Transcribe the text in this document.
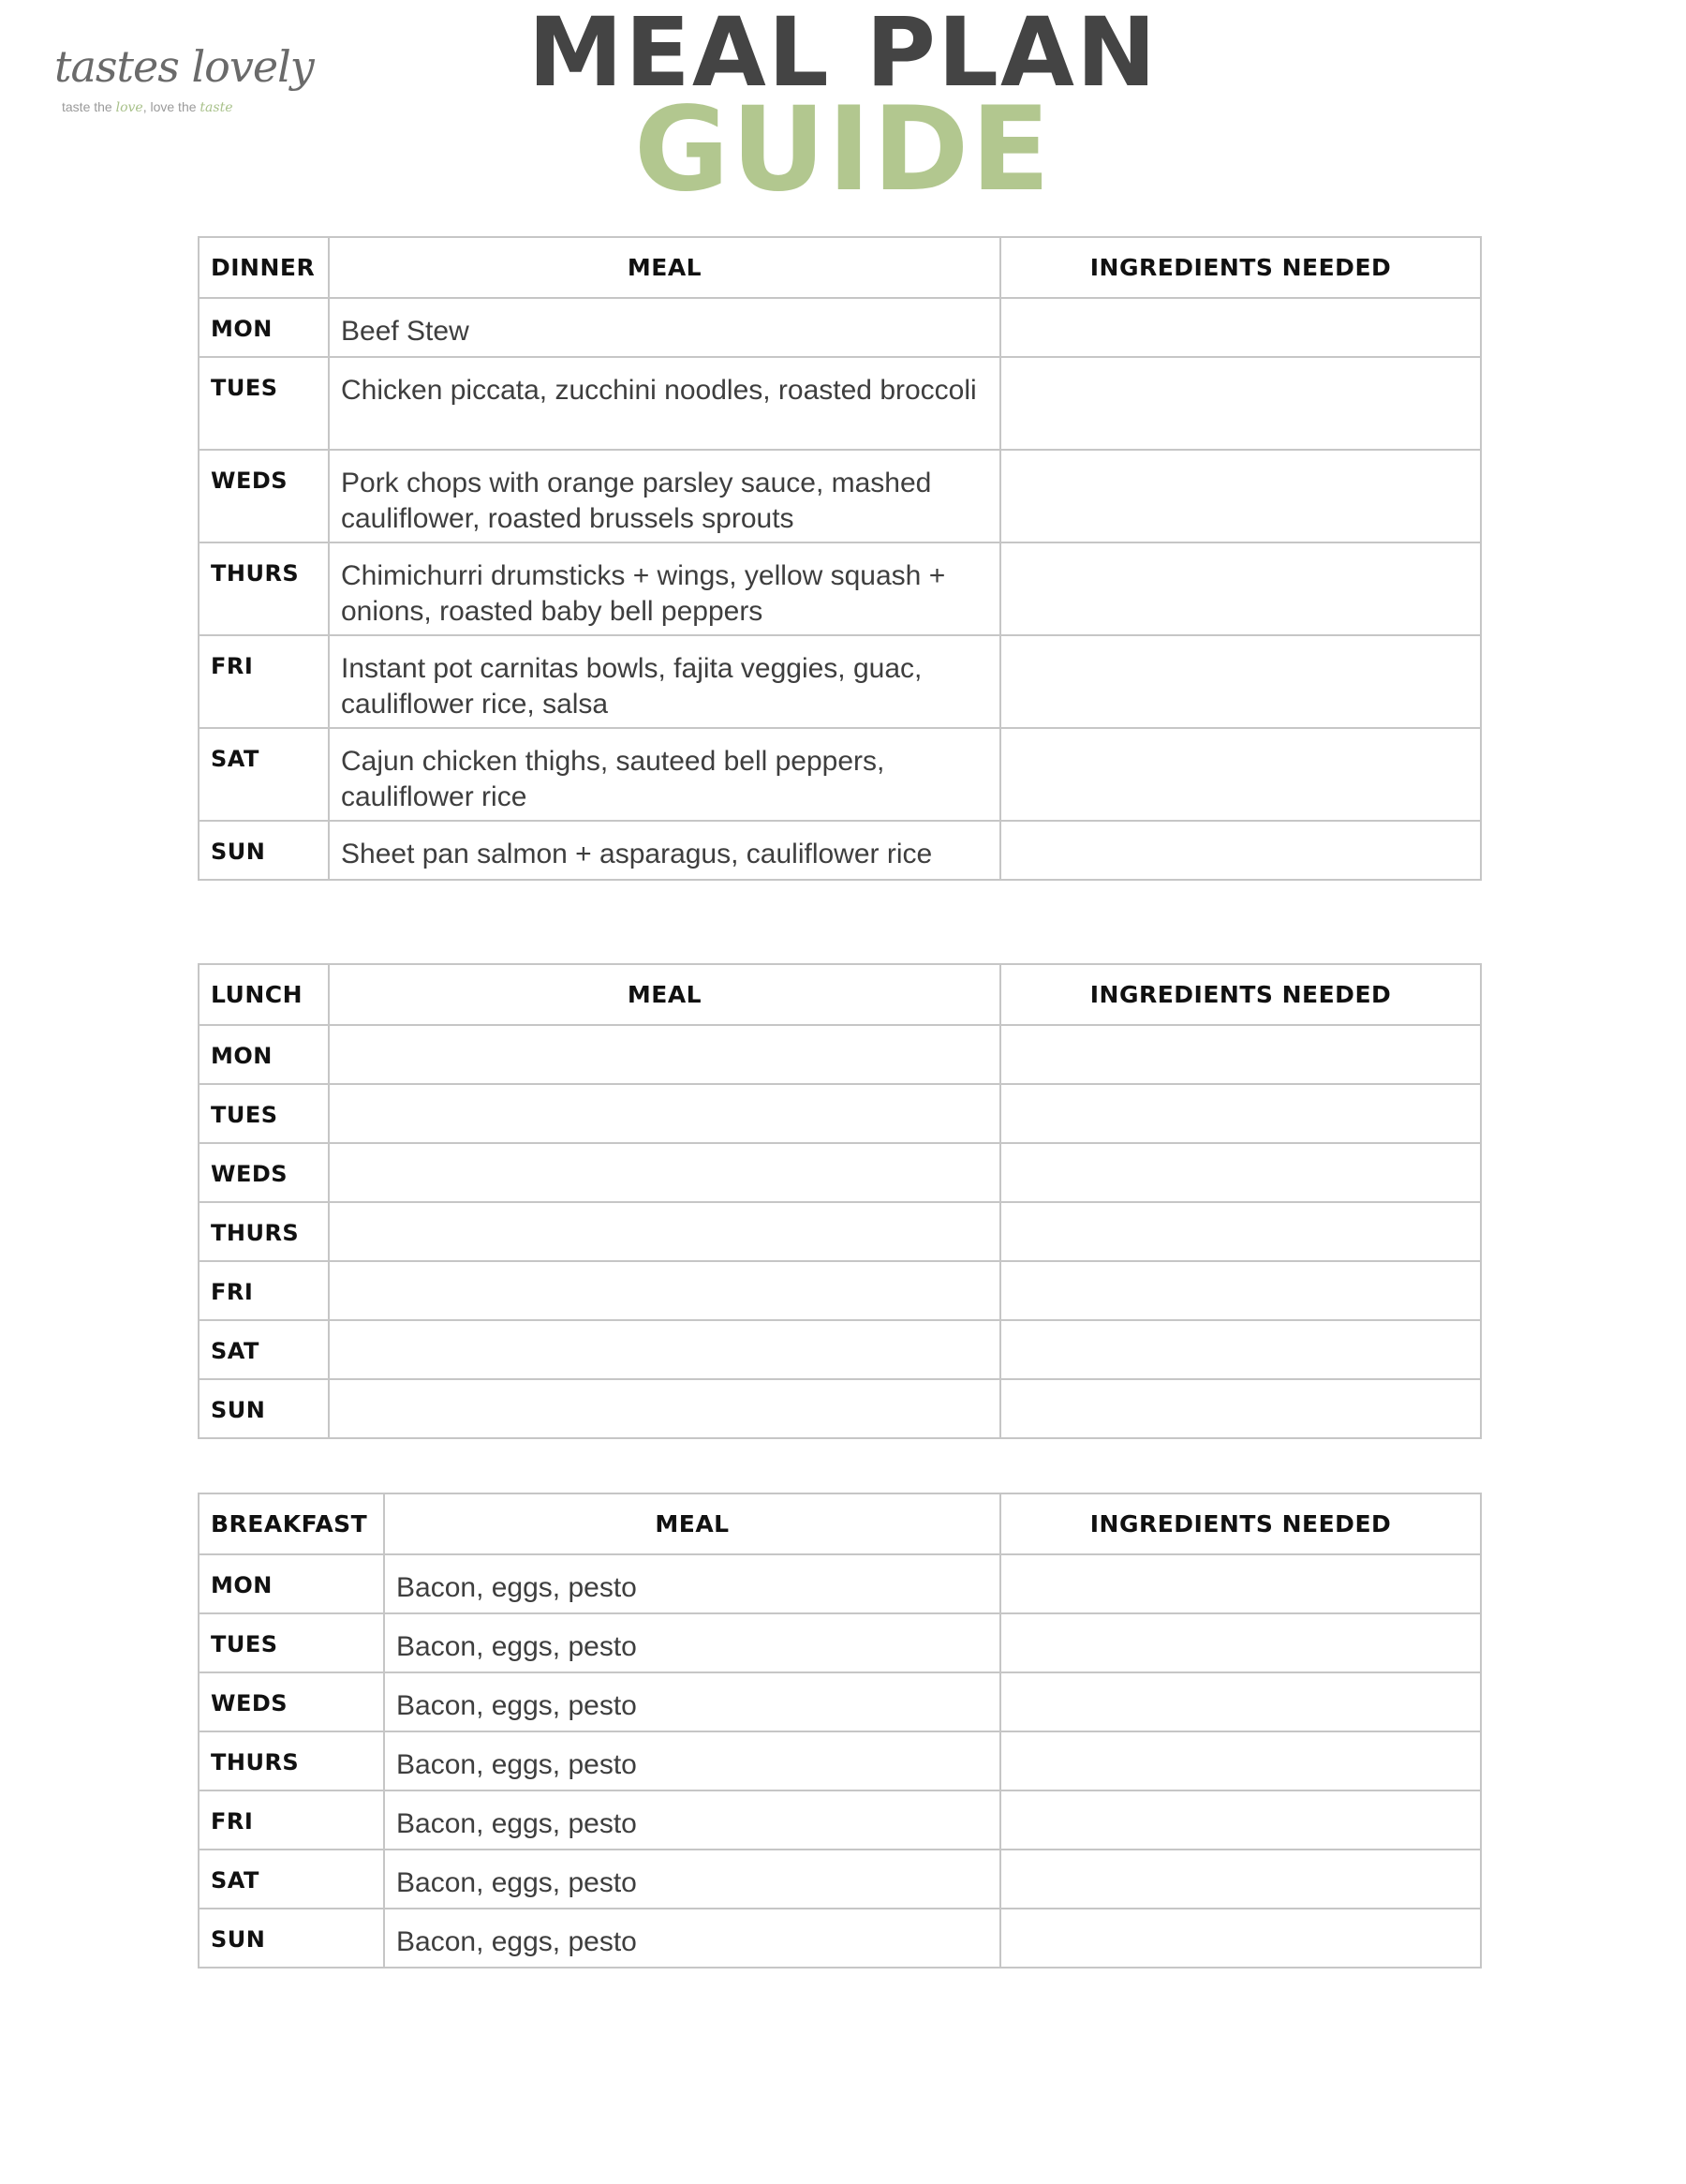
tastes lovely
taste the love, love the taste	MEAL PLAN
GUIDE
DINNER	MEAL	INGREDIENTS NEEDED
MON	Beef Stew	
TUES	Chicken piccata, zucchini noodles, roasted broccoli	
WEDS	Pork chops with orange parsley sauce, mashed cauliflower, roasted brussels sprouts	
THURS	Chimichurri drumsticks + wings, yellow squash + onions, roasted baby bell peppers	
FRI	Instant pot carnitas bowls, fajita veggies, guac, cauliflower rice, salsa	
SAT	Cajun chicken thighs, sauteed bell peppers, cauliflower rice	
SUN	Sheet pan salmon + asparagus, cauliflower rice	
LUNCH	MEAL	INGREDIENTS NEEDED
MON		
TUES		
WEDS		
THURS		
FRI		
SAT		
SUN		
BREAKFAST	MEAL	INGREDIENTS NEEDED
MON	Bacon, eggs, pesto	
TUES	Bacon, eggs, pesto	
WEDS	Bacon, eggs, pesto	
THURS	Bacon, eggs, pesto	
FRI	Bacon, eggs, pesto	
SAT	Bacon, eggs, pesto	
SUN	Bacon, eggs, pesto	
